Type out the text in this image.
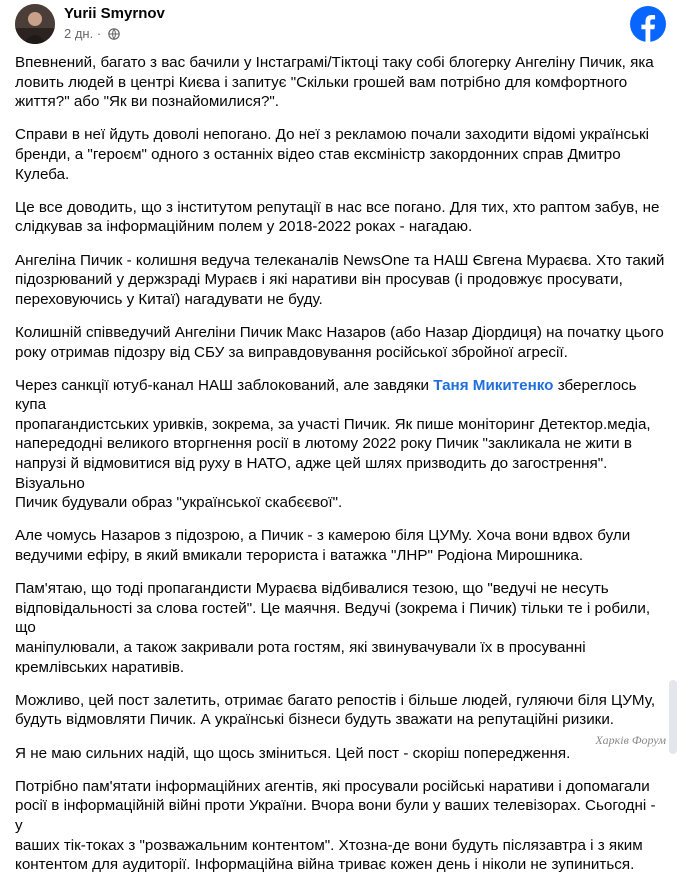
Yurii Smyrnov
2 дн. ·

Впевнений, багато з вас бачили у Інстаграмі/Тіктоці таку собі блогерку Ангеліну Пичик, яка
ловить людей в центрі Києва і запитує "Скільки грошей вам потрібно для комфортного
життя?" або "Як ви познайомилися?".

Справи в неї йдуть доволі непогано. До неї з рекламою почали заходити відомі українські
бренди, а "героєм" одного з останніх відео став ексміністр закордонних справ Дмитро Кулеба.

Це все доводить, що з інститутом репутації в нас все погано. Для тих, хто раптом забув, не
слідкував за інформаційним полем у 2018-2022 роках - нагадаю.

Ангеліна Пичик - колишня ведуча телеканалів NewsOne та НАШ Євгена Мураєва. Хто такий
підозрюваний у держзраді Мураєв і які наративи він просував (і продовжує просувати,
переховуючись у Китаї) нагадувати не буду.

Колишній співведучий Ангеліни Пичик Макс Назаров (або Назар Діордиця) на початку цього
року отримав підозру від СБУ за виправдовування російської збройної агресії.

Через санкції ютуб-канал НАШ заблокований, але завдяки Таня Микитенко збереглось купа
пропагандистських уривків, зокрема, за участі Пичик. Як пише моніторинг Детектор.медіа,
напередодні великого вторгнення росії в лютому 2022 року Пичик "закликала не жити в
напрузі й відмовитися від руху в НАТО, адже цей шлях призводить до загострення". Візуально
Пичик будували образ "української скабєєвої".

Але чомусь Назаров з підозрою, а Пичик - з камерою біля ЦУМу. Хоча вони вдвох були
ведучими ефіру, в який вмикали терориста і ватажка "ЛНР" Родіона Мирошника.

Пам'ятаю, що тоді пропагандисти Мураєва відбивалися тезою, що "ведучі не несуть
відповідальності за слова гостей". Це маячня. Ведучі (зокрема і Пичик) тільки те і робили, що
маніпулювали, а також закривали рота гостям, які звинувачували їх в просуванні
кремлівських наративів.

Можливо, цей пост залетить, отримає багато репостів і більше людей, гуляючи біля ЦУМу,
будуть відмовляти Пичик. А українські бізнеси будуть зважати на репутаційні ризики.

Я не маю сильних надій, що щось зміниться. Цей пост - скоріш попередження.

Потрібно пам'ятати інформаційних агентів, які просували російські наративи і допомагали
росії в інформаційній війні проти України. Вчора вони були у ваших телевізорах. Сьогодні - у
ваших тік-токах з "розважальним контентом". Хтозна-де вони будуть післязавтра і з яким
контентом для аудиторії. Інформаційна війна триває кожен день і ніколи не зупиниться.

Харків Форум
